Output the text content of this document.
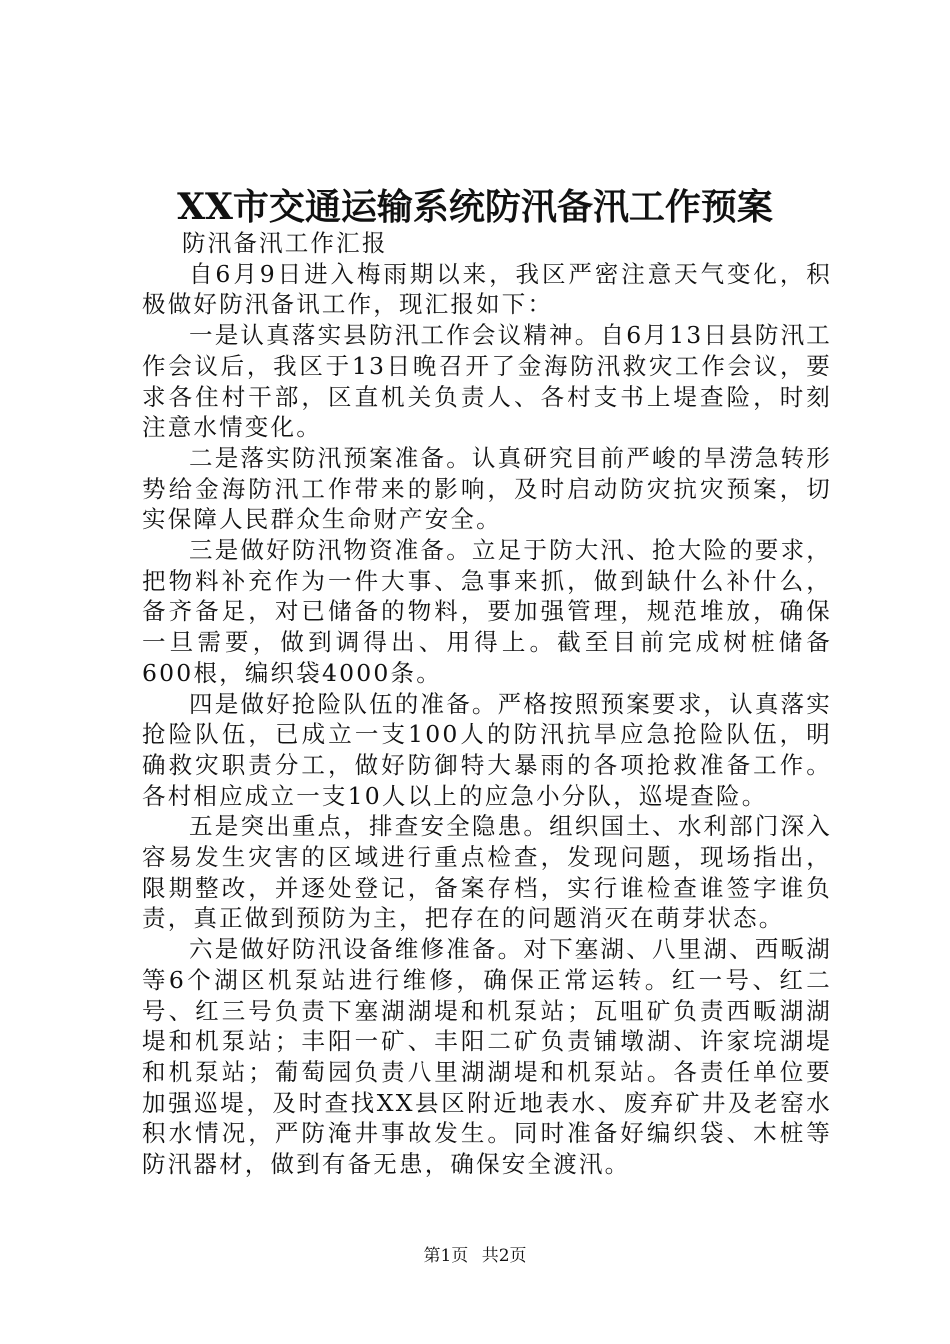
XX市交通运输系统防汛备汛工作预案

防汛备汛工作汇报

自6月9日进入梅雨期以来，我区严密注意天气变化，积极做好防汛备讯工作，现汇报如下：

一是认真落实县防汛工作会议精神。自6月13日县防汛工作会议后，我区于13日晚召开了金海防汛救灾工作会议，要求各住村干部，区直机关负责人、各村支书上堤查险，时刻注意水情变化。

二是落实防汛预案准备。认真研究目前严峻的旱涝急转形势给金海防汛工作带来的影响，及时启动防灾抗灾预案，切实保障人民群众生命财产安全。

三是做好防汛物资准备。立足于防大汛、抢大险的要求，把物料补充作为一件大事、急事来抓，做到缺什么补什么，备齐备足，对已储备的物料，要加强管理，规范堆放，确保一旦需要，做到调得出、用得上。截至目前完成树桩储备600根，编织袋4000条。

四是做好抢险队伍的准备。严格按照预案要求，认真落实抢险队伍，已成立一支100人的防汛抗旱应急抢险队伍，明确救灾职责分工，做好防御特大暴雨的各项抢救准备工作。各村相应成立一支10人以上的应急小分队，巡堤查险。

五是突出重点，排查安全隐患。组织国土、水利部门深入容易发生灾害的区域进行重点检查，发现问题，现场指出，限期整改，并逐处登记，备案存档，实行谁检查谁签字谁负责，真正做到预防为主，把存在的问题消灭在萌芽状态。

六是做好防汛设备维修准备。对下塞湖、八里湖、西畈湖等6个湖区机泵站进行维修，确保正常运转。红一号、红二号、红三号负责下塞湖湖堤和机泵站；瓦咀矿负责西畈湖湖堤和机泵站；丰阳一矿、丰阳二矿负责铺墩湖、许家垸湖堤和机泵站；葡萄园负责八里湖湖堤和机泵站。各责任单位要加强巡堤，及时查找XX县区附近地表水、废弃矿井及老窑水积水情况，严防淹井事故发生。同时准备好编织袋、木桩等防汛器材，做到有备无患，确保安全渡汛。

第1页 共2页
